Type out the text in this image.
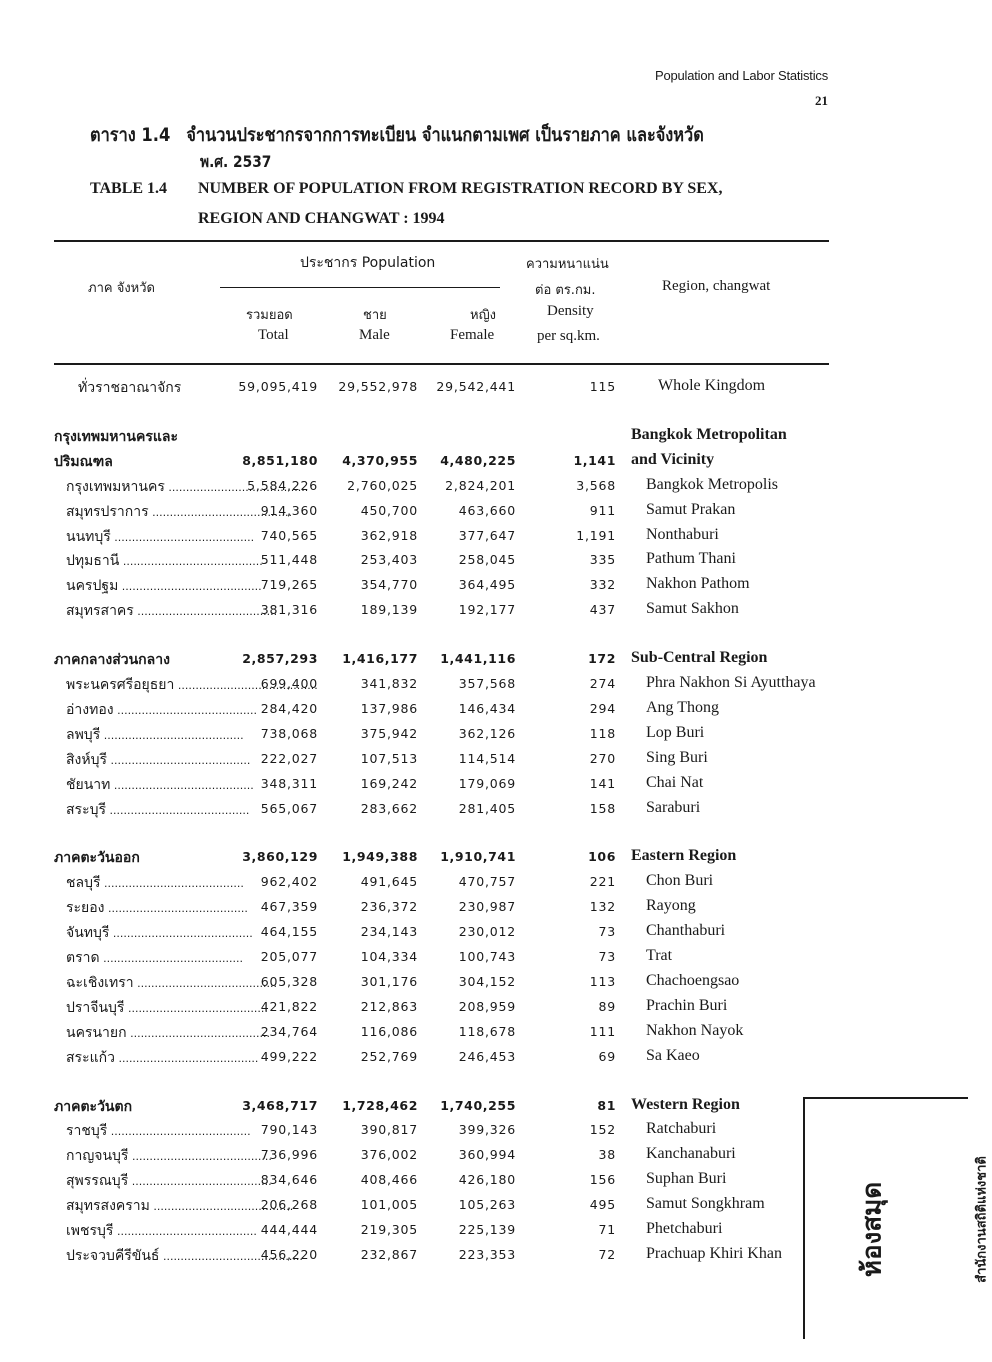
Population and Labor Statistics
21
ตาราง 1.4 จำนวนประชากรจากการทะเบียน จำแนกตามเพศ เป็นรายภาค และจังหวัด
พ.ศ. 2537
TABLE 1.4 NUMBER OF POPULATION FROM REGISTRATION RECORD BY SEX,
REGION AND CHANGWAT : 1994
ภาค จังหวัด
ประชากร Population
รวมยอด
Total
ชาย
Male
หญิง
Female
ความหนาแน่น
ต่อ ตร.กม.
Density
per sq.km.
Region, changwat
ทั่วราชอาณาจักร	59,095,419 29,552,978 29,542,441	115	Whole Kingdom
กรุงเทพมหานครและ	Bangkok Metropolitan
ปริมณฑล	8,851,180 4,370,955 4,480,225	1,141 and Vicinity
กรุงเทพมหานคร .....	5,584,226 2,760,025 2,824,201	3,568 Bangkok Metropolis
สมุทรปราการ .....	914,360	450,700	463,660	911 Samut Prakan
นนทบุรี .....	740,565	362,918	377,647	1,191 Nonthaburi
ปทุมธานี .....	511,448	253,403	258,045	335 Pathum Thani
นครปฐม .....	719,265	354,770	364,495	332 Nakhon Pathom
สมุทรสาคร .....	381,316	189,139	192,177	437 Samut Sakhon
ภาคกลางส่วนกลาง	2,857,293 1,416,177 1,441,116	172 Sub-Central Region
พระนครศรีอยุธยา .....	699,400	341,832	357,568	274 Phra Nakhon Si Ayutthaya
อ่างทอง .....	284,420	137,986	146,434	294 Ang Thong
ลพบุรี .....	738,068	375,942	362,126	118 Lop Buri
สิงห์บุรี .....	222,027	107,513	114,514	270 Sing Buri
ชัยนาท .....	348,311	169,242	179,069	141 Chai Nat
สระบุรี .....	565,067	283,662	281,405	158 Saraburi
ภาคตะวันออก	3,860,129 1,949,388 1,910,741	106 Eastern Region
ชลบุรี .....	962,402	491,645	470,757	221 Chon Buri
ระยอง .....	467,359	236,372	230,987	132 Rayong
จันทบุรี .....	464,155	234,143	230,012	73 Chanthaburi
ตราด .....	205,077	104,334	100,743	73 Trat
ฉะเชิงเทรา .....	605,328	301,176	304,152	113 Chachoengsao
ปราจีนบุรี .....	421,822	212,863	208,959	89 Prachin Buri
นครนายก .....	234,764	116,086	118,678	111 Nakhon Nayok
สระแก้ว .....	499,222	252,769	246,453	69 Sa Kaeo
ภาคตะวันตก	3,468,717 1,728,462 1,740,255	81 Western Region
ราชบุรี .....	790,143	390,817	399,326	152 Ratchaburi
กาญจนบุรี .....	736,996	376,002	360,994	38 Kanchanaburi
สุพรรณบุรี .....	834,646	408,466	426,180	156 Suphan Buri
สมุทรสงคราม .....	206,268	101,005	105,263	495 Samut Songkhram
เพชรบุรี .....	444,444	219,305	225,139	71 Phetchaburi
ประจวบคีรีขันธ์ .....	456,220	232,867	223,353	72 Prachuap Khiri Khan	ห้องสมุด	สำนักงานสถิติแห่งชาติ
